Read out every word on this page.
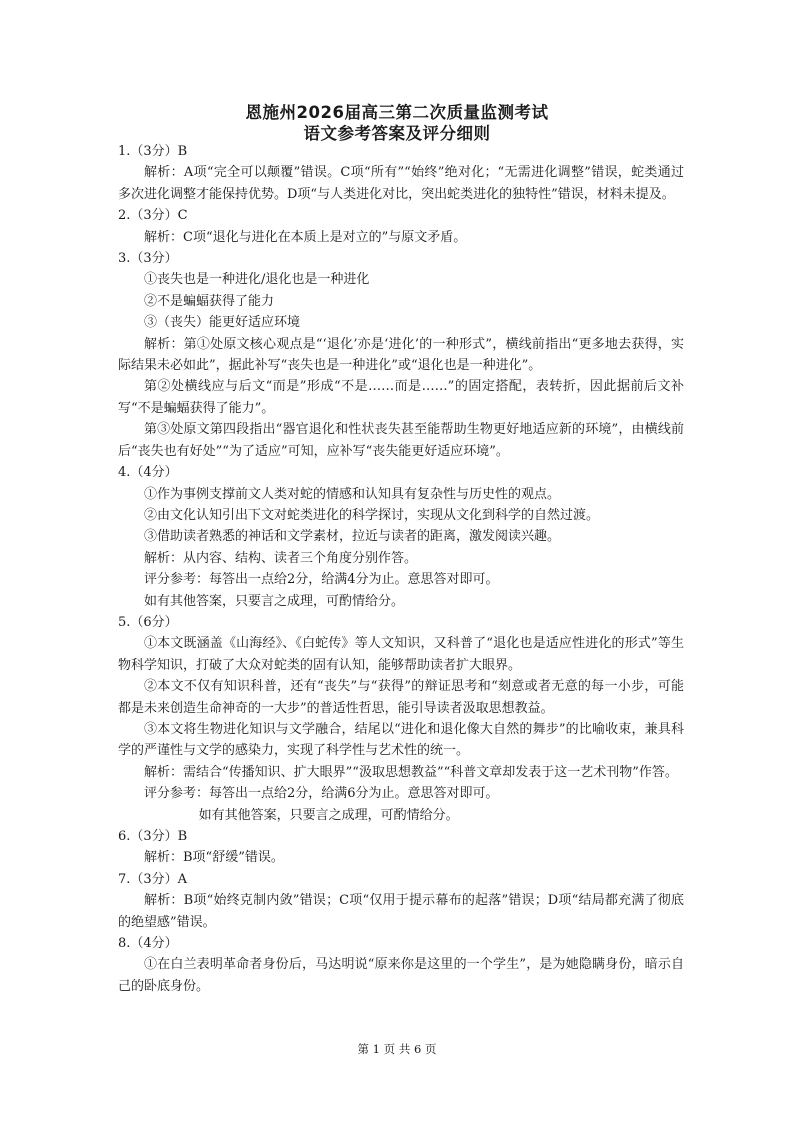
恩施州2026届高三第二次质量监测考试
语文参考答案及评分细则

1.（3分）B

解析：A项“完全可以颠覆”错误。C项“所有”“始终”绝对化；“无需进化调整”错误，蛇类通过多次进化调整才能保持优势。D项“与人类进化对比，突出蛇类进化的独特性”错误，材料未提及。

2.（3分）C

解析：C项“退化与进化在本质上是对立的”与原文矛盾。

3.（3分）

①丧失也是一种进化/退化也是一种进化

②不是蝙蝠获得了能力

③（丧失）能更好适应环境

解析：第①处原文核心观点是“‘退化’亦是‘进化’的一种形式”，横线前指出“更多地去获得，实际结果未必如此”，据此补写“丧失也是一种进化”或“退化也是一种进化”。

第②处横线应与后文“而是”形成“不是……而是……”的固定搭配，表转折，因此据前后文补写“不是蝙蝠获得了能力”。

第③处原文第四段指出“器官退化和性状丧失甚至能帮助生物更好地适应新的环境”，由横线前后“丧失也有好处”“为了适应”可知，应补写“丧失能更好适应环境”。

4.（4分）

①作为事例支撑前文人类对蛇的情感和认知具有复杂性与历史性的观点。

②由文化认知引出下文对蛇类进化的科学探讨，实现从文化到科学的自然过渡。

③借助读者熟悉的神话和文学素材，拉近与读者的距离，激发阅读兴趣。

解析：从内容、结构、读者三个角度分别作答。

评分参考：每答出一点给2分，给满4分为止。意思答对即可。

如有其他答案，只要言之成理，可酌情给分。

5.（6分）

①本文既涵盖《山海经》、《白蛇传》等人文知识，又科普了“退化也是适应性进化的形式”等生物科学知识，打破了大众对蛇类的固有认知，能够帮助读者扩大眼界。

②本文不仅有知识科普，还有“丧失”与“获得”的辩证思考和“刻意或者无意的每一小步，可能都是未来创造生命神奇的一大步”的普适性哲思，能引导读者汲取思想教益。

③本文将生物进化知识与文学融合，结尾以“进化和退化像大自然的舞步”的比喻收束，兼具科学的严谨性与文学的感染力，实现了科学性与艺术性的统一。

解析：需结合“传播知识、扩大眼界”“汲取思想教益”“科普文章却发表于这一艺术刊物”作答。

评分参考：每答出一点给2分，给满6分为止。意思答对即可。

如有其他答案，只要言之成理，可酌情给分。

6.（3分）B

解析：B项“舒缓”错误。

7.（3分）A

解析：B项“始终克制内敛”错误；C项“仅用于提示幕布的起落”错误；D项“结局都充满了彻底的绝望感”错误。

8.（4分）

①在白兰表明革命者身份后，马达明说“原来你是这里的一个学生”，是为她隐瞒身份，暗示自己的卧底身份。

第 1 页 共 6 页
